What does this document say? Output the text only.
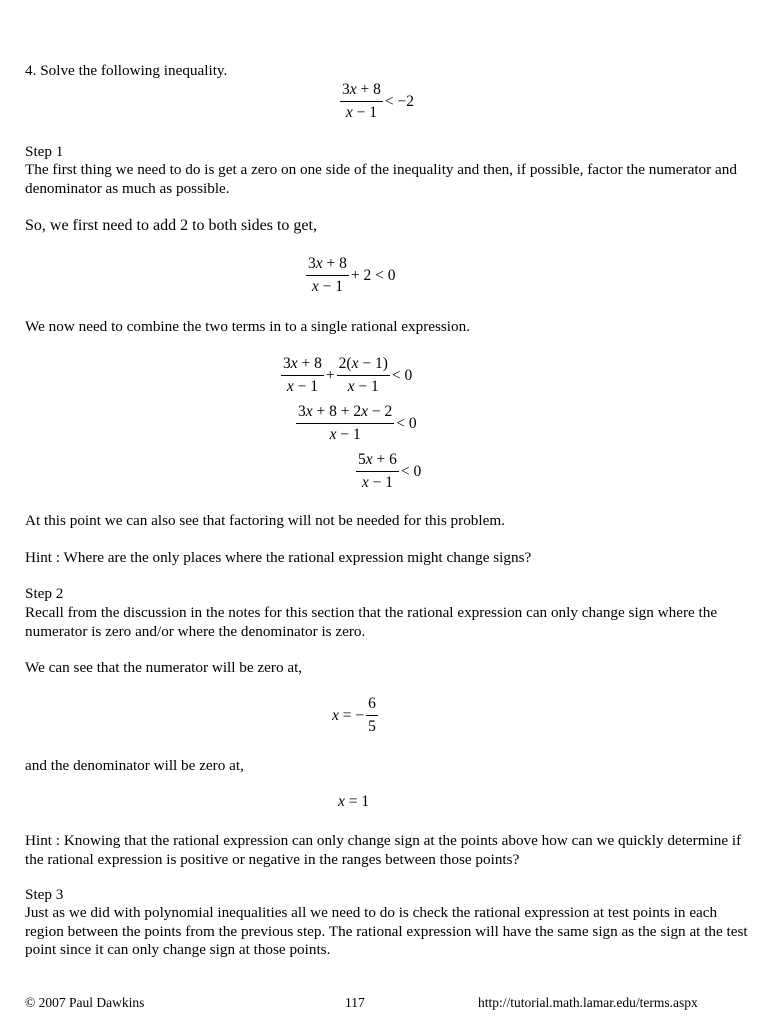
4. Solve the following inequality.

$\frac{3x + 8}{x - 1} < -2$

Step 1

The first thing we need to do is get a zero on one side of the inequality and then, if possible, factor the numerator and denominator as much as possible.

So, we first need to add 2 to both sides to get,

$\frac{3x + 8}{x - 1} + 2 < 0$

We now need to combine the two terms in to a single rational expression.

$\frac{3x + 8}{x - 1} + \frac{2(x - 1)}{x - 1} < 0$
$\frac{3x + 8 + 2x - 2}{x - 1} < 0$
$\frac{5x + 6}{x - 1} < 0$

At this point we can also see that factoring will not be needed for this problem.

Hint : Where are the only places where the rational expression might change signs?

Step 2

Recall from the discussion in the notes for this section that the rational expression can only change sign where the numerator is zero and/or where the denominator is zero.

We can see that the numerator will be zero at,

x = − $\frac{6}{5}$

and the denominator will be zero at,

x = 1

Hint : Knowing that the rational expression can only change sign at the points above how can we quickly determine if the rational expression is positive or negative in the ranges between those points?

Step 3

Just as we did with polynomial inequalities all we need to do is check the rational expression at test points in each region between the points from the previous step. The rational expression will have the same sign as the sign at the test point since it can only change sign at those points.

© 2007 Paul Dawkins	117	http://tutorial.math.lamar.edu/terms.aspx
